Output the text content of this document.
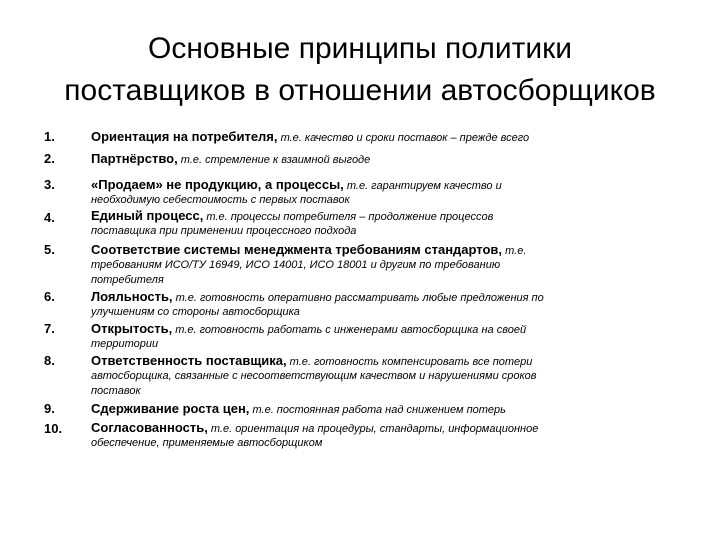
Основные принципы политики
поставщиков в отношении автосборщиков
1.	Ориентация на потребителя, т.е. качество и сроки поставок – прежде всего
2.	Партнёрство, т.е. стремление к взаимной выгоде
3.	«Продаем» не продукцию, а процессы, т.е. гарантируем качество и
необходимую себестоимость с первых поставок
4.	Единый процесс, т.е. процессы потребителя – продолжение процессов
поставщика при применении процессного подхода
5.	Соответствие системы менеджмента требованиям стандартов, т.е.
требованиям ИСО/ТУ 16949, ИСО 14001, ИСО 18001 и другим по требованию
потребителя
6.	Лояльность, т.е. готовность оперативно рассматривать любые предложения по
улучшениям со стороны автосборщика
7.	Открытость, т.е. готовность работать с инженерами автосборщика на своей
территории
8.	Ответственность поставщика, т.е. готовность компенсировать все потери
автосборщика, связанные с несоответствующим качеством и нарушениями сроков
поставок
9.	Сдерживание роста цен, т.е. постоянная работа над снижением потерь
10.	Согласованность, т.е. ориентация на процедуры, стандарты, информационное
обеспечение, применяемые автосборщиком
